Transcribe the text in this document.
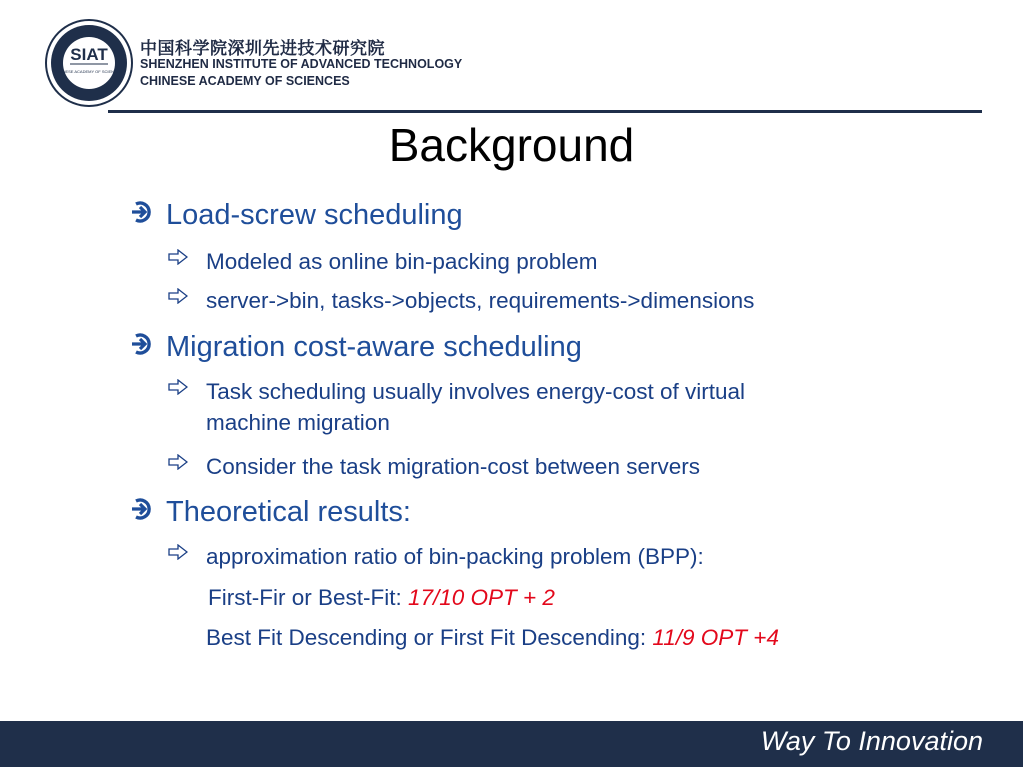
SIAT
CHINESE ACADEMY OF SCIENCES
中国科学院深圳先进技术研究院
SHENZHEN INSTITUTE OF ADVANCED TECHNOLOGY
CHINESE ACADEMY OF SCIENCES
Background
Load-screw scheduling
Modeled as online bin-packing problem
server->bin, tasks->objects, requirements->dimensions
Migration cost-aware scheduling
Task scheduling usually involves energy-cost of virtual
machine migration
Consider the task migration-cost between servers
Theoretical results:
approximation ratio of bin-packing problem (BPP):
First-Fir or Best-Fit: 17/10 OPT + 2
Best Fit Descending or First Fit Descending: 11/9 OPT +4
Way To Innovation
